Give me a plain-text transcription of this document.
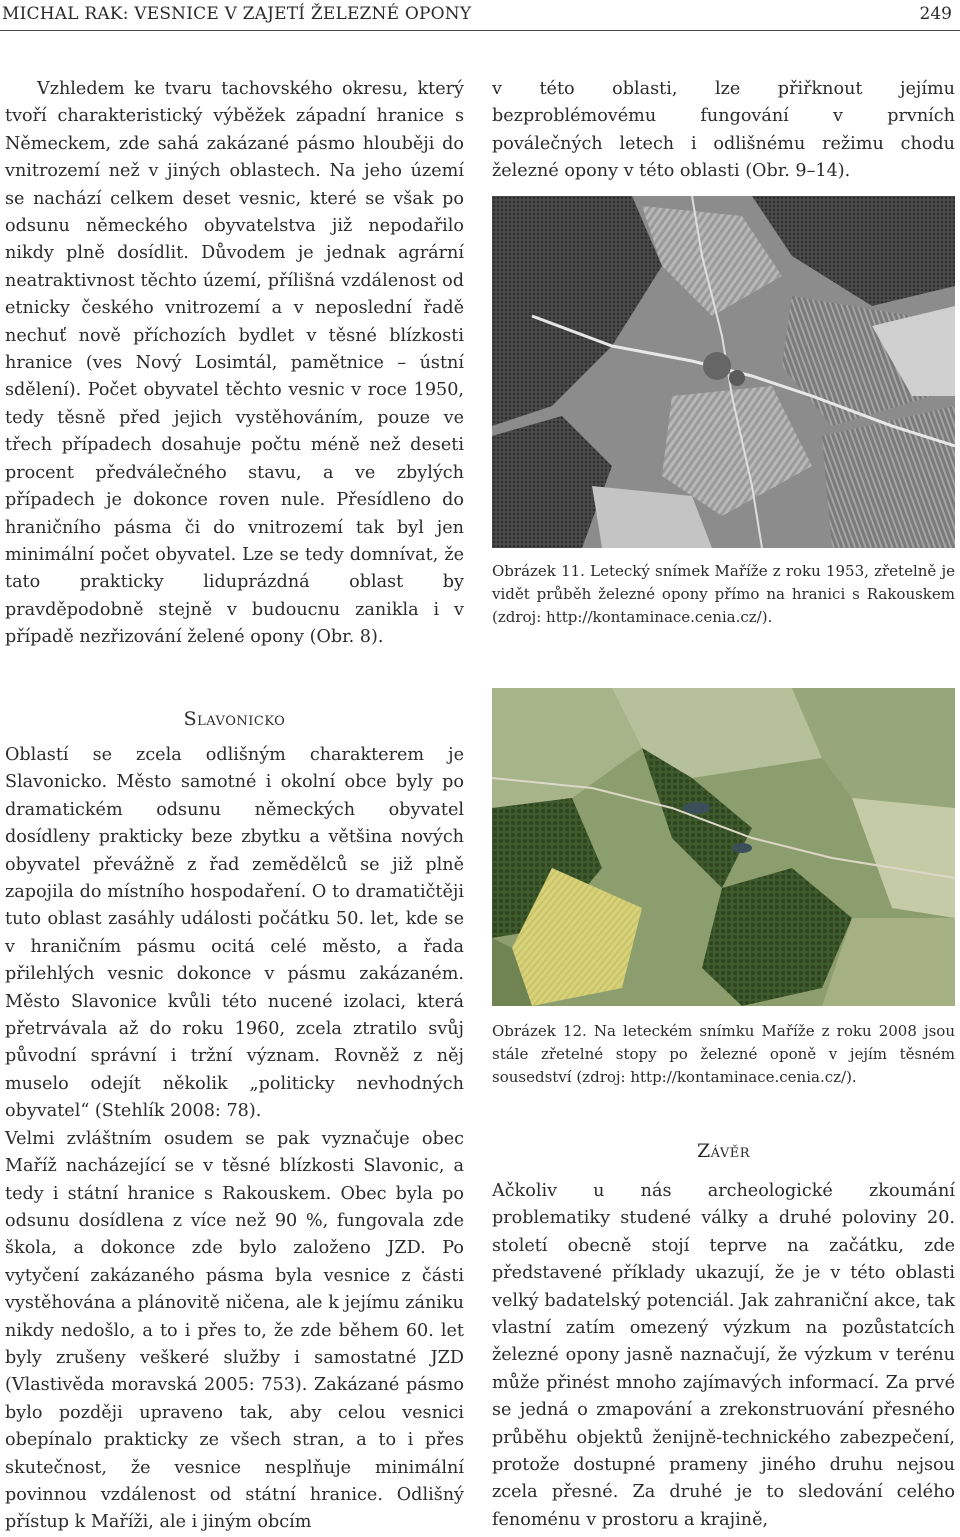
MICHAL RAK: VESNICE V ZAJETÍ ŽELEZNÉ OPONY	249

Vzhledem ke tvaru tachovského okresu, který tvoří charakteristický výběžek západní hranice s Německem, zde sahá zakázané pásmo hlouběji do vnitrozemí než v jiných oblastech. Na jeho území se nachází celkem deset vesnic, které se však po odsunu německého obyvatelstva již nepodařilo nikdy plně dosídlit. Důvodem je jednak agrární neatraktivnost těchto území, přílišná vzdálenost od etnicky českého vnitrozemí a v neposlední řadě nechuť nově příchozích bydlet v těsné blízkosti hranice (ves Nový Losimtál, pamětnice – ústní sdělení). Počet obyvatel těchto vesnic v roce 1950, tedy těsně před jejich vystěhováním, pouze ve třech případech dosahuje počtu méně než deseti procent předválečného stavu, a ve zbylých případech je dokonce roven nule. Přesídleno do hraničního pásma či do vnitrozemí tak byl jen minimální počet obyvatel. Lze se tedy domnívat, že tato prakticky liduprázdná oblast by pravděpodobně stejně v budoucnu zanikla i v případě nezřizování želené opony (Obr. 8).

Slavonicko

Oblastí se zcela odlišným charakterem je Slavonicko. Město samotné i okolní obce byly po dramatickém odsunu německých obyvatel dosídleny prakticky beze zbytku a většina nových obyvatel převážně z řad zemědělců se již plně zapojila do místního hospodaření. O to dramatičtěji tuto oblast zasáhly události počátku 50. let, kde se v hraničním pásmu ocitá celé město, a řada přilehlých vesnic dokonce v pásmu zakázaném. Město Slavonice kvůli této nucené izolaci, která přetrvávala až do roku 1960, zcela ztratilo svůj původní správní i tržní význam. Rovněž z něj muselo odejít několik „politicky nevhodných obyvatel“ (Stehlík 2008: 78).

Velmi zvláštním osudem se pak vyznačuje obec Maříž nacházející se v těsné blízkosti Slavonic, a tedy i státní hranice s Rakouskem. Obec byla po odsunu dosídlena z více než 90 %, fungovala zde škola, a dokonce zde bylo založeno JZD. Po vytyčení zakázaného pásma byla vesnice z části vystěhována a plánovitě ničena, ale k jejímu zániku nikdy nedošlo, a to i přes to, že zde během 60. let byly zrušeny veškeré služby i samostatné JZD (Vlastivěda moravská 2005: 753). Zakázané pásmo bylo později upraveno tak, aby celou vesnici obepínalo prakticky ze všech stran, a to i přes skutečnost, že vesnice nesplňuje minimální povinnou vzdálenost od státní hranice. Odlišný přístup k Maříži, ale i jiným obcím

v této oblasti, lze přiřknout jejímu bezproblémovému fungování v prvních poválečných letech i odlišnému režimu chodu železné opony v této oblasti (Obr. 9–14).

Obrázek 11. Letecký snímek Maříže z roku 1953, zřetelně je vidět průběh železné opony přímo na hranici s Rakouskem (zdroj: http://kontaminace.cenia.cz/).
Obrázek 12. Na leteckém snímku Maříže z roku 2008 jsou stále zřetelné stopy po železné oponě v jejím těsném sousedství (zdroj: http://kontaminace.cenia.cz/).
Závěr

Ačkoliv u nás archeologické zkoumání problematiky studené války a druhé poloviny 20. století obecně stojí teprve na začátku, zde představené příklady ukazují, že je v této oblasti velký badatelský potenciál. Jak zahraniční akce, tak vlastní zatím omezený výzkum na pozůstatcích železné opony jasně naznačují, že výzkum v terénu může přinést mnoho zajímavých informací. Za prvé se jedná o zmapování a zrekonstruování přesného průběhu objektů ženijně-technického zabezpečení, protože dostupné prameny jiného druhu nejsou zcela přesné. Za druhé je to sledování celého fenoménu v prostoru a krajině,
